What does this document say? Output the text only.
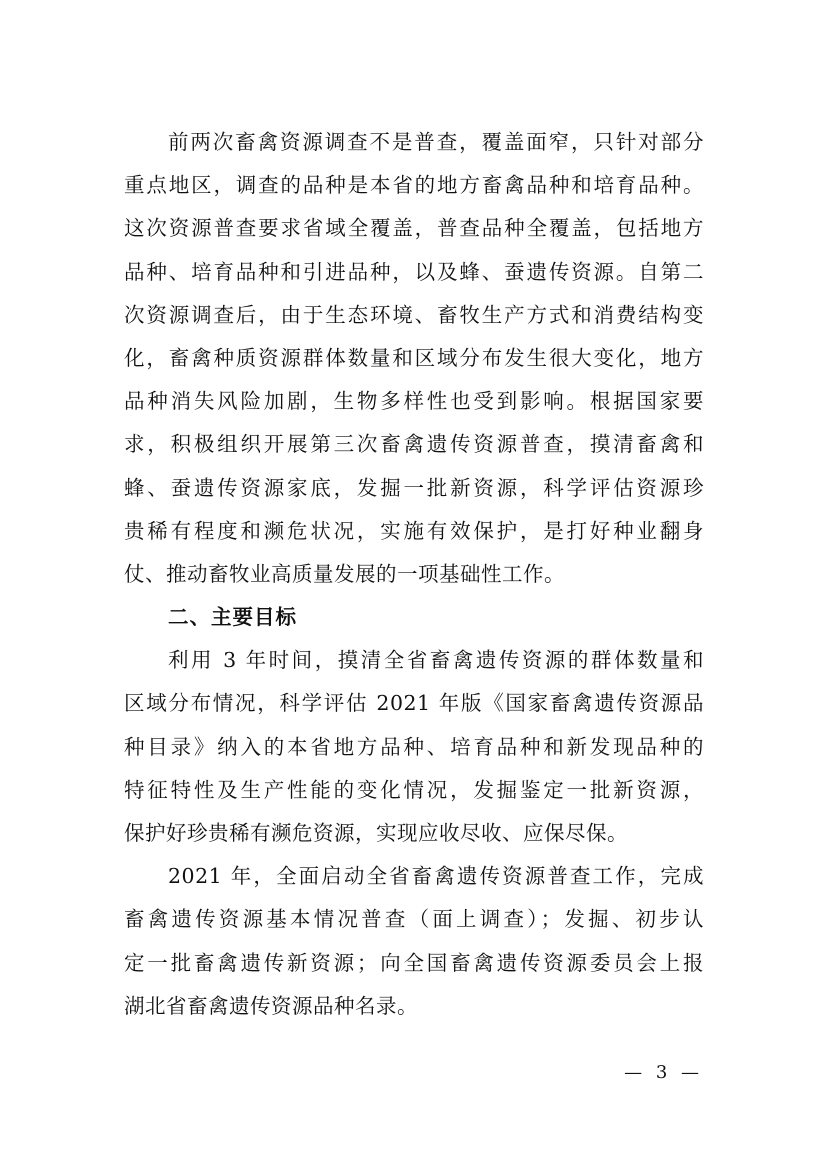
前两次畜禽资源调查不是普查，覆盖面窄，只针对部分
重点地区，调查的品种是本省的地方畜禽品种和培育品种。
这次资源普查要求省域全覆盖，普查品种全覆盖，包括地方
品种、培育品种和引进品种，以及蜂、蚕遗传资源。自第二
次资源调查后，由于生态环境、畜牧生产方式和消费结构变
化，畜禽种质资源群体数量和区域分布发生很大变化，地方
品种消失风险加剧，生物多样性也受到影响。根据国家要
求，积极组织开展第三次畜禽遗传资源普查，摸清畜禽和
蜂、蚕遗传资源家底，发掘一批新资源，科学评估资源珍
贵稀有程度和濒危状况，实施有效保护，是打好种业翻身
仗、推动畜牧业高质量发展的一项基础性工作。
二、主要目标
利用 3 年时间，摸清全省畜禽遗传资源的群体数量和
区域分布情况，科学评估 2021 年版《国家畜禽遗传资源品
种目录》纳入的本省地方品种、培育品种和新发现品种的
特征特性及生产性能的变化情况，发掘鉴定一批新资源，
保护好珍贵稀有濒危资源，实现应收尽收、应保尽保。
2021 年，全面启动全省畜禽遗传资源普查工作，完成
畜禽遗传资源基本情况普查（面上调查）；发掘、初步认
定一批畜禽遗传新资源；向全国畜禽遗传资源委员会上报
湖北省畜禽遗传资源品种名录。
— 3 —
